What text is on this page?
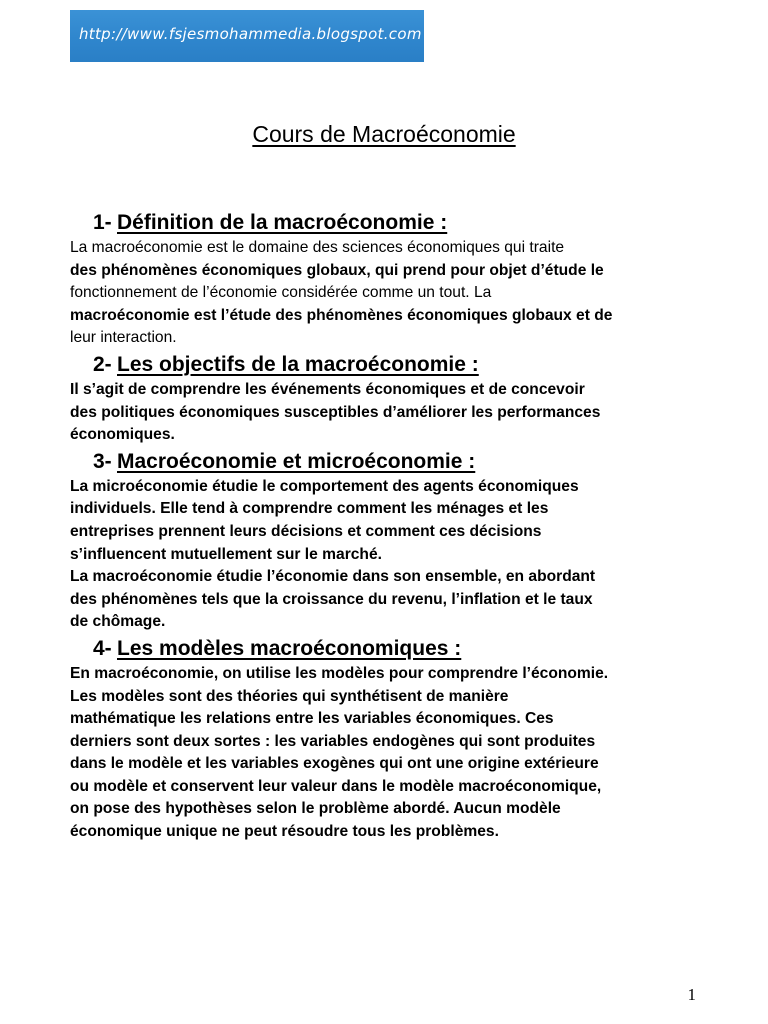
http://www.fsjesmohammedia.blogspot.com
Cours de Macroéconomie
1- Définition de la macroéconomie :
La macroéconomie est le domaine des sciences économiques qui traite
des phénomènes économiques globaux, qui prend pour objet d’étude le
fonctionnement de l’économie considérée comme un tout. La
macroéconomie est l’étude des phénomènes économiques globaux et de
leur interaction.
2- Les objectifs de la macroéconomie :
Il s’agit de comprendre les événements économiques et de concevoir
des politiques économiques susceptibles d’améliorer les performances
économiques.
3- Macroéconomie et microéconomie :
La microéconomie étudie le comportement des agents économiques
individuels. Elle tend à comprendre comment les ménages et les
entreprises prennent leurs décisions et comment ces décisions
s’influencent mutuellement sur le marché.
La macroéconomie étudie l’économie dans son ensemble, en abordant
des phénomènes tels que la croissance du revenu, l’inflation et le taux
de chômage.
4- Les modèles macroéconomiques :
En macroéconomie, on utilise les modèles pour comprendre l’économie.
Les modèles sont des théories qui synthétisent de manière
mathématique les relations entre les variables économiques. Ces
derniers sont deux sortes : les variables endogènes qui sont produites
dans le modèle et les variables exogènes qui ont une origine extérieure
ou modèle et conservent leur valeur dans le modèle macroéconomique,
on pose des hypothèses selon le problème abordé. Aucun modèle
économique unique ne peut résoudre tous les problèmes.
1
